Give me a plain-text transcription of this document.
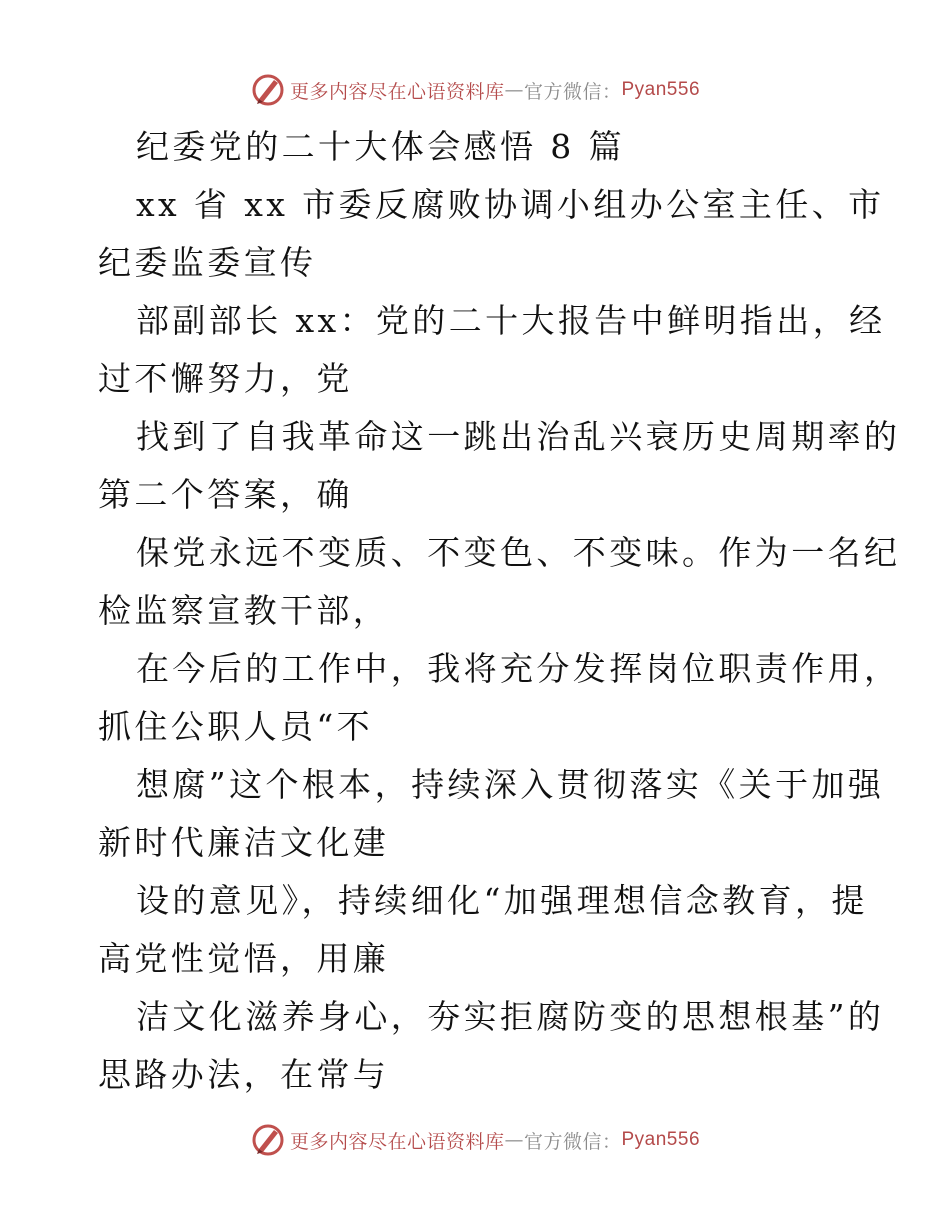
更多内容尽在心语资料库 — 官方微信： Pyan556
纪委党的二十大体会感悟 8 篇
xx 省 xx 市委反腐败协调小组办公室主任、市
纪委监委宣传
部副部长 xx：党的二十大报告中鲜明指出，经
过不懈努力，党
找到了自我革命这一跳出治乱兴衰历史周期率的
第二个答案，确
保党永远不变质、不变色、不变味。作为一名纪
检监察宣教干部，
在今后的工作中，我将充分发挥岗位职责作用，
抓住公职人员“不
想腐”这个根本，持续深入贯彻落实《关于加强
新时代廉洁文化建
设的意见》，持续细化“加强理想信念教育，提
高党性觉悟，用廉
洁文化滋养身心，夯实拒腐防变的思想根基”的
思路办法，在常与
更多内容尽在心语资料库 — 官方微信： Pyan556
